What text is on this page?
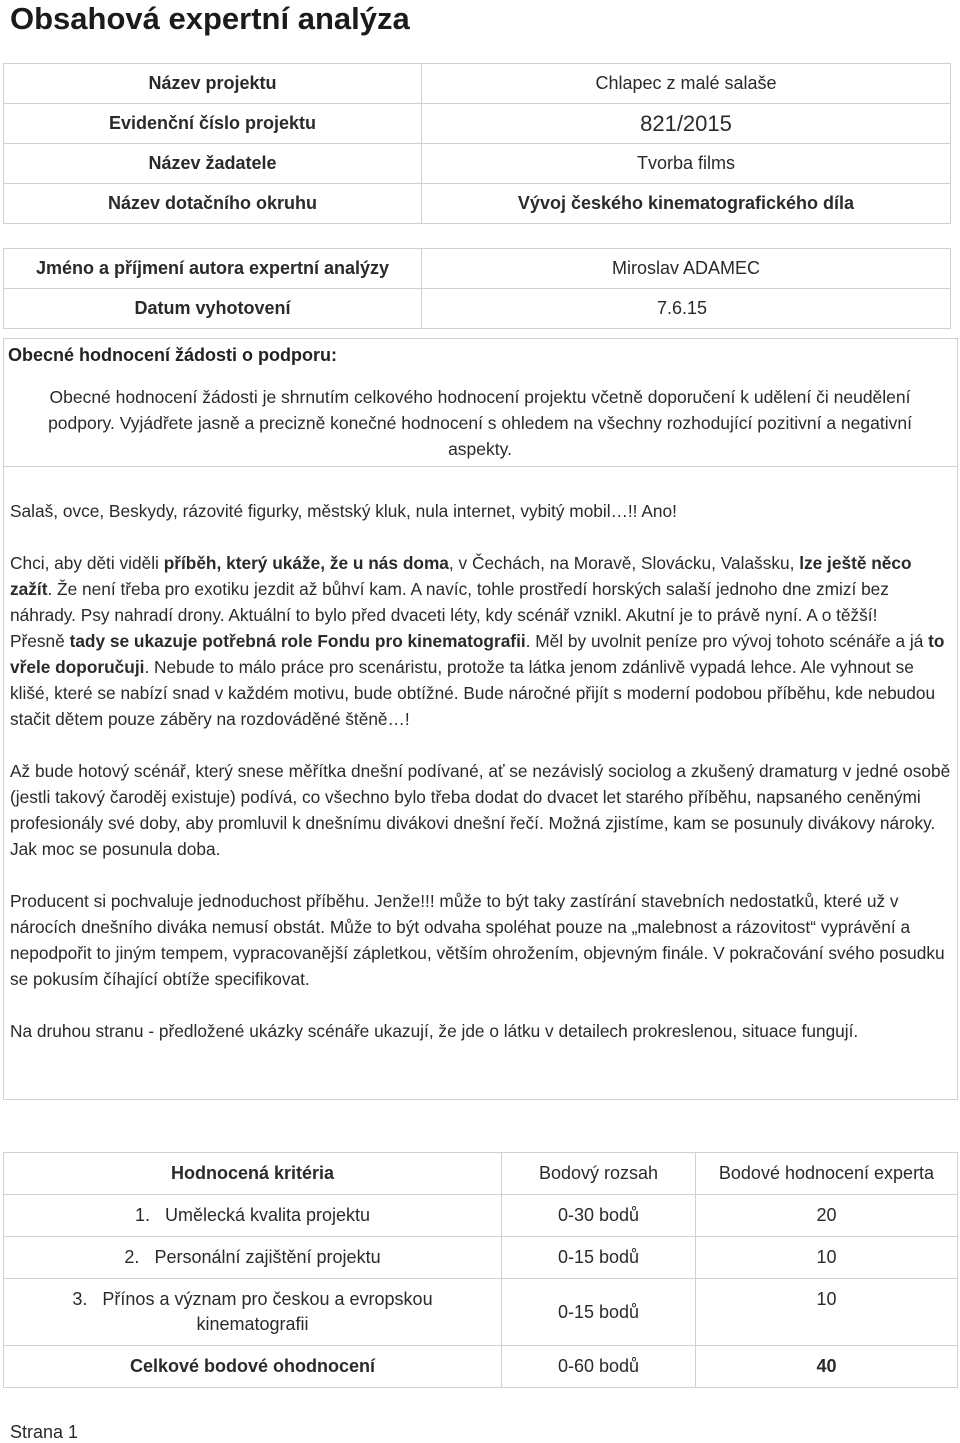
Obsahová expertní analýza
Název projektu	Chlapec z malé salaše
Evidenční číslo projektu	821/2015
Název žadatele	Tvorba films
Název dotačního okruhu	Vývoj českého kinematografického díla
Jméno a příjmení autora expertní analýzy	Miroslav ADAMEC
Datum vyhotovení	7.6.15

Obecné hodnocení žádosti o podporu:

Obecné hodnocení žádosti je shrnutím celkového hodnocení projektu včetně doporučení k udělení či neudělení podpory. Vyjádřete jasně a precizně konečné hodnocení s ohledem na všechny rozhodující pozitivní a negativní aspekty.

Salaš, ovce, Beskydy, rázovité figurky, městský kluk, nula internet, vybitý mobil…!! Ano!

Chci, aby děti viděli příběh, který ukáže, že u nás doma, v Čechách, na Moravě, Slovácku, Valašsku, lze ještě něco zažít. Že není třeba pro exotiku jezdit až bůhví kam. A navíc, tohle prostředí horských salaší jednoho dne zmizí bez náhrady. Psy nahradí drony. Aktuální to bylo před dvaceti léty, kdy scénář vznikl. Akutní je to právě nyní. A o těžší!
Přesně tady se ukazuje potřebná role Fondu pro kinematografii. Měl by uvolnit peníze pro vývoj tohoto scénáře a já to vřele doporučuji. Nebude to málo práce pro scenáristu, protože ta látka jenom zdánlivě vypadá lehce. Ale vyhnout se klišé, které se nabízí snad v každém motivu, bude obtížné. Bude náročné přijít s moderní podobou příběhu, kde nebudou stačit dětem pouze záběry na rozdováděné štěně…!

Až bude hotový scénář, který snese měřítka dnešní podívané, ať se nezávislý sociolog a zkušený dramaturg v jedné osobě (jestli takový čaroděj existuje) podívá, co všechno bylo třeba dodat do dvacet let starého příběhu, napsaného ceněnými profesionály své doby, aby promluvil k dnešnímu divákovi dnešní řečí. Možná zjistíme, kam se posunuly divákovy nároky. Jak moc se posunula doba.

Producent si pochvaluje jednoduchost příběhu. Jenže!!! může to být taky zastírání stavebních nedostatků, které už v nárocích dnešního diváka nemusí obstát. Může to být odvaha spoléhat pouze na „malebnost a rázovitost“ vyprávění a nepodpořit to jiným tempem, vypracovanější zápletkou, větším ohrožením, objevným finále. V pokračování svého posudku se pokusím číhající obtíže specifikovat.

Na druhou stranu - předložené ukázky scénáře ukazují, že jde o látku v detailech prokreslenou, situace fungují.

Hodnocená kritéria	Bodový rozsah	Bodové hodnocení experta
1. Umělecká kvalita projektu	0-30 bodů	20
2. Personální zajištění projektu	0-15 bodů	10

3. Přínos a význam pro českou a evropskou kinematografii	0-15 bodů	10
Celkové bodové ohodnocení	0-60 bodů	40

Strana 1
